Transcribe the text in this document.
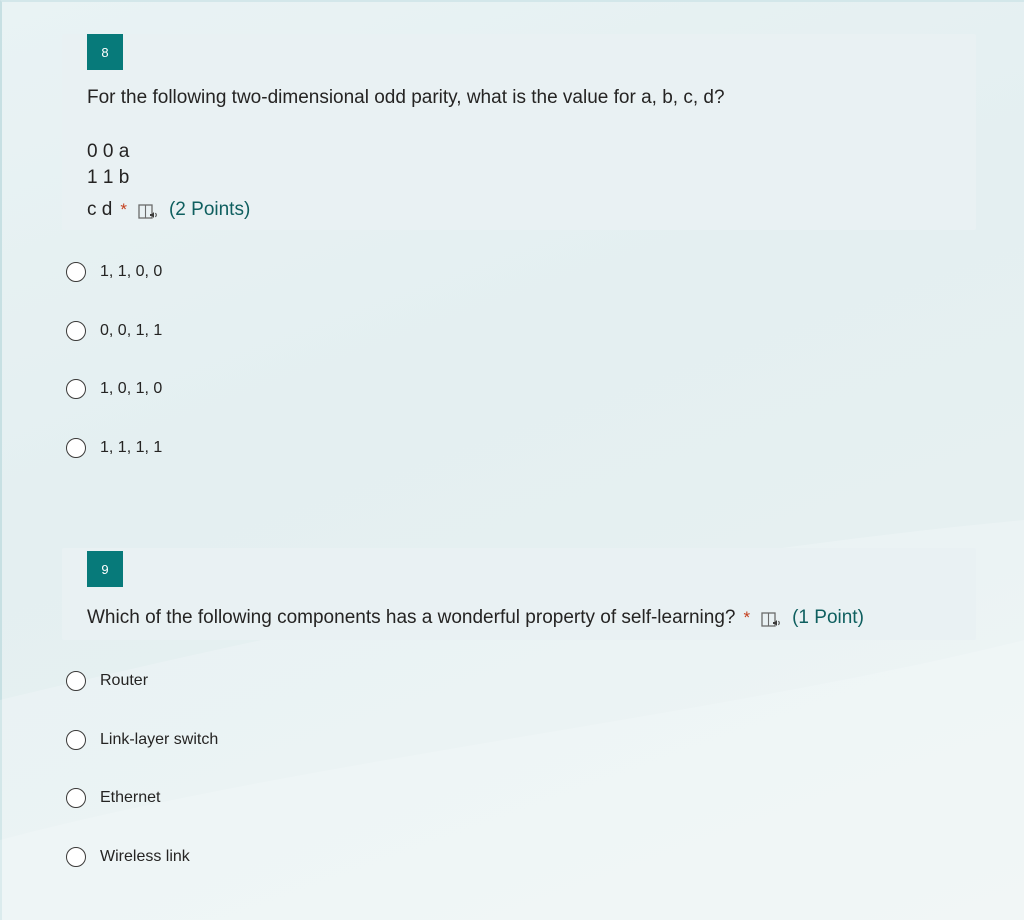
8
For the following two-dimensional odd parity, what is the value for a, b, c, d?
0 0 a
1 1 b
c d * (2 Points)
1, 1, 0, 0
0, 0, 1, 1
1, 0, 1, 0
1, 1, 1, 1
9
Which of the following components has a wonderful property of self-learning? * (1 Point)
Router
Link-layer switch
Ethernet
Wireless link
